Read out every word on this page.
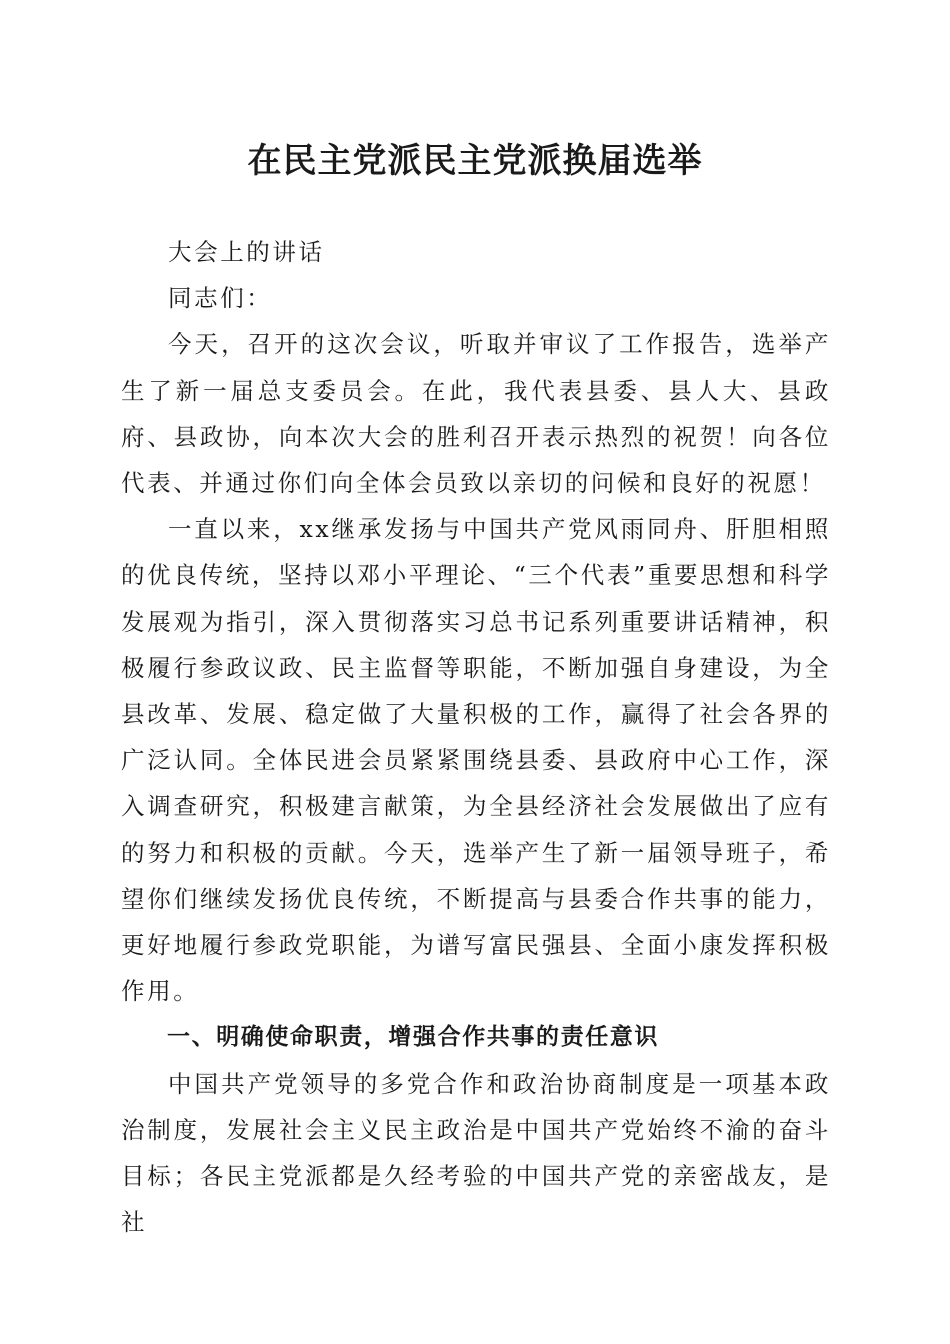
在民主党派民主党派换届选举

大会上的讲话

同志们：

今天，召开的这次会议，听取并审议了工作报告，选举产生了新一届总支委员会。在此，我代表县委、县人大、县政府、县政协，向本次大会的胜利召开表示热烈的祝贺！向各位代表、并通过你们向全体会员致以亲切的问候和良好的祝愿！

一直以来，xx继承发扬与中国共产党风雨同舟、肝胆相照的优良传统，坚持以邓小平理论、“三个代表”重要思想和科学发展观为指引，深入贯彻落实习总书记系列重要讲话精神，积极履行参政议政、民主监督等职能，不断加强自身建设，为全县改革、发展、稳定做了大量积极的工作，赢得了社会各界的广泛认同。全体民进会员紧紧围绕县委、县政府中心工作，深入调查研究，积极建言献策，为全县经济社会发展做出了应有的努力和积极的贡献。今天，选举产生了新一届领导班子，希望你们继续发扬优良传统，不断提高与县委合作共事的能力，更好地履行参政党职能，为谱写富民强县、全面小康发挥积极作用。

一、明确使命职责，增强合作共事的责任意识

中国共产党领导的多党合作和政治协商制度是一项基本政治制度，发展社会主义民主政治是中国共产党始终不渝的奋斗目标；各民主党派都是久经考验的中国共产党的亲密战友，是社
